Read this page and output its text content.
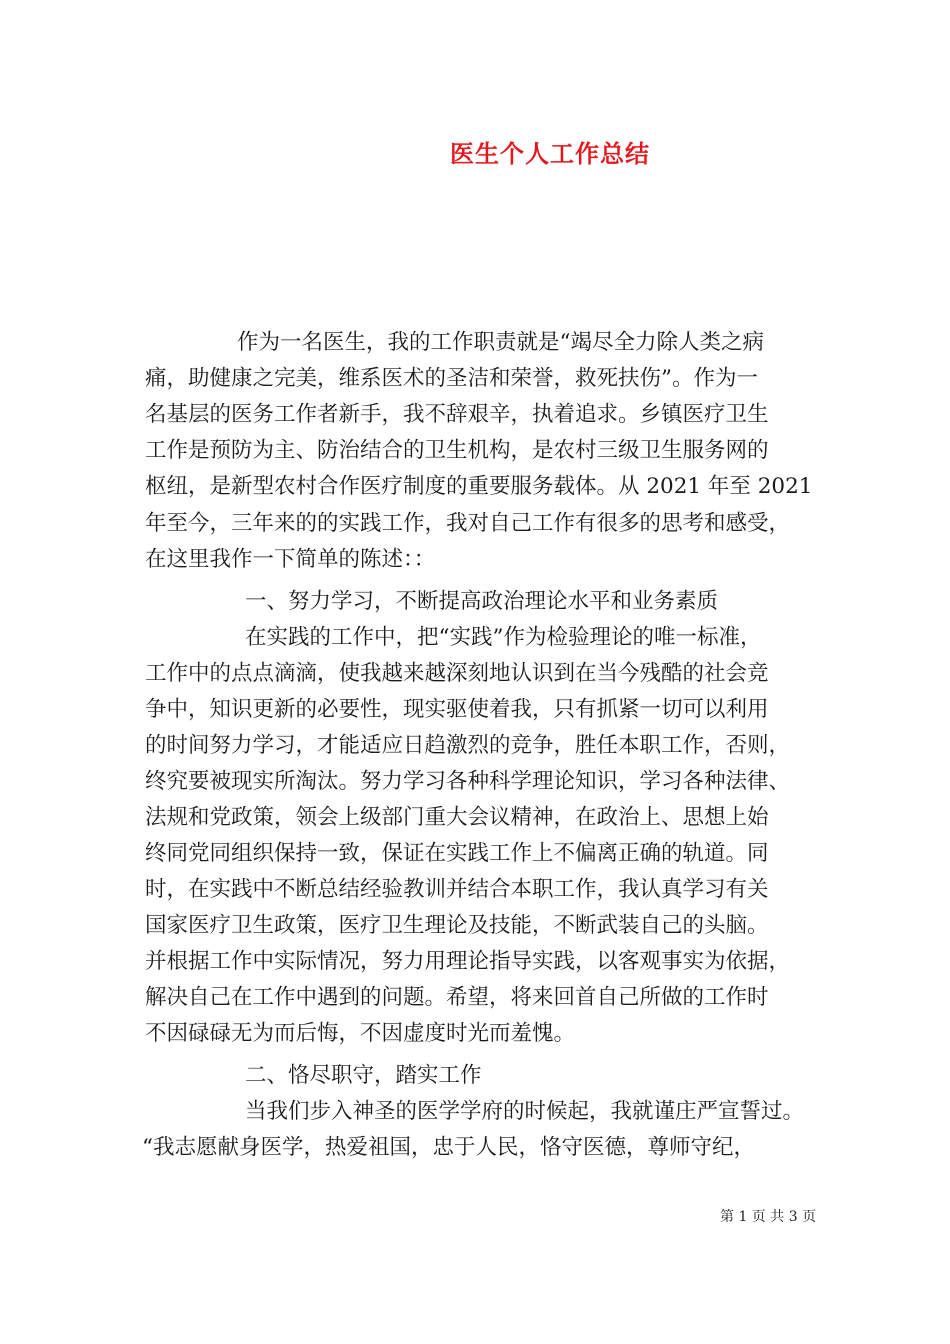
医生个人工作总结
作为一名医生，我的工作职责就是“竭尽全力除人类之病
痛，助健康之完美，维系医术的圣洁和荣誉，救死扶伤”。作为一
名基层的医务工作者新手，我不辞艰辛，执着追求。乡镇医疗卫生
工作是预防为主、防治结合的卫生机构，是农村三级卫生服务网的
枢纽，是新型农村合作医疗制度的重要服务载体。从 2021 年至 2021
年至今，三年来的的实践工作，我对自己工作有很多的思考和感受，
在这里我作一下简单的陈述：：
一、努力学习，不断提高政治理论水平和业务素质
在实践的工作中，把“实践”作为检验理论的唯一标准，
工作中的点点滴滴，使我越来越深刻地认识到在当今残酷的社会竞
争中，知识更新的必要性，现实驱使着我，只有抓紧一切可以利用
的时间努力学习，才能适应日趋激烈的竞争，胜任本职工作，否则，
终究要被现实所淘汰。努力学习各种科学理论知识，学习各种法律、
法规和党政策，领会上级部门重大会议精神，在政治上、思想上始
终同党同组织保持一致，保证在实践工作上不偏离正确的轨道。同
时，在实践中不断总结经验教训并结合本职工作，我认真学习有关
国家医疗卫生政策，医疗卫生理论及技能，不断武装自己的头脑。
并根据工作中实际情况，努力用理论指导实践，以客观事实为依据，
解决自己在工作中遇到的问题。希望，将来回首自己所做的工作时
不因碌碌无为而后悔，不因虚度时光而羞愧。
二、恪尽职守，踏实工作
当我们步入神圣的医学学府的时候起，我就谨庄严宣誓过。
“我志愿献身医学，热爱祖国，忠于人民，恪守医德，尊师守纪，
第 1 页 共 3 页
